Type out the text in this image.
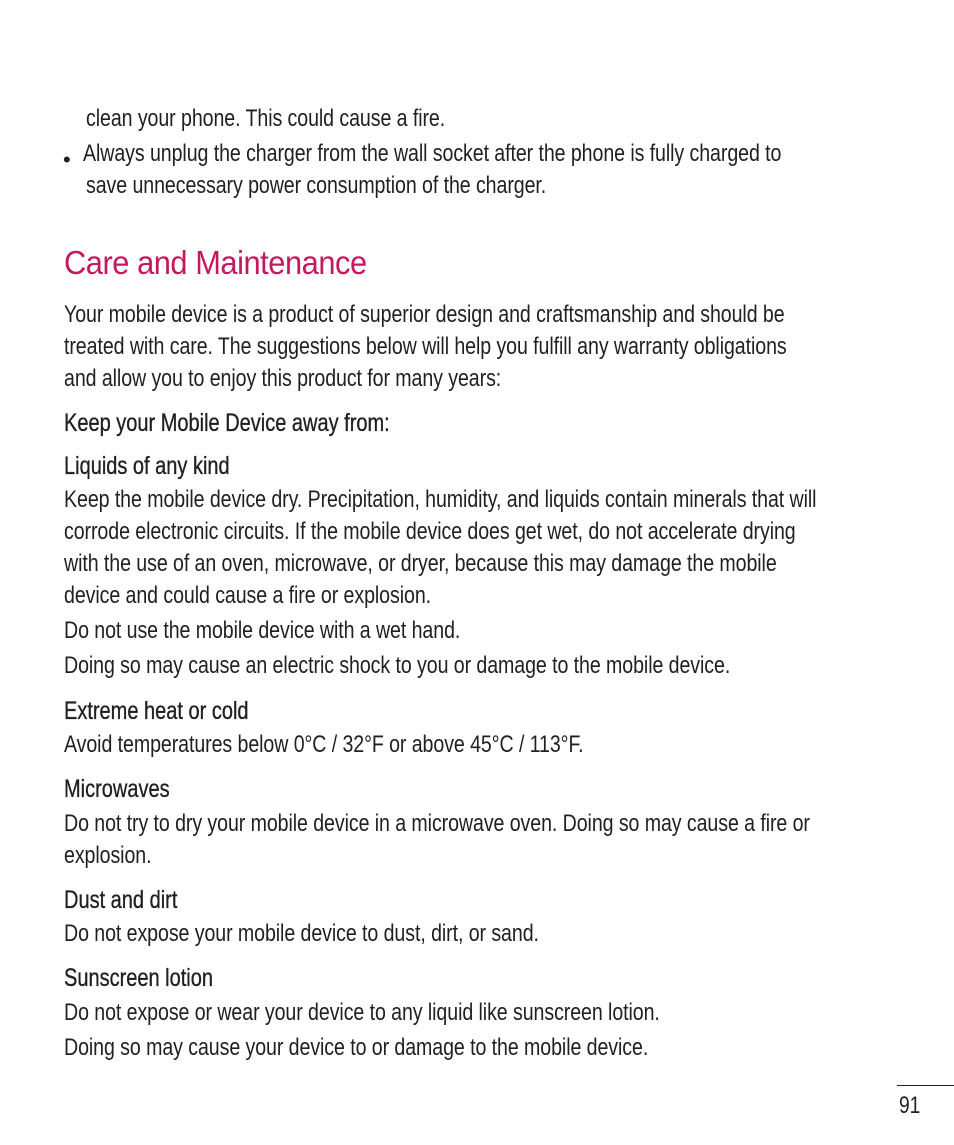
clean your phone. This could cause a fire.
• Always unplug the charger from the wall socket after the phone is fully charged to
save unnecessary power consumption of the charger.
Care and Maintenance
Your mobile device is a product of superior design and craftsmanship and should be
treated with care. The suggestions below will help you fulfill any warranty obligations
and allow you to enjoy this product for many years:
Keep your Mobile Device away from:
Liquids of any kind
Keep the mobile device dry. Precipitation, humidity, and liquids contain minerals that will
corrode electronic circuits. If the mobile device does get wet, do not accelerate drying
with the use of an oven, microwave, or dryer, because this may damage the mobile
device and could cause a fire or explosion.
Do not use the mobile device with a wet hand.
Doing so may cause an electric shock to you or damage to the mobile device.
Extreme heat or cold
Avoid temperatures below 0°C / 32°F or above 45°C / 113°F.
Microwaves
Do not try to dry your mobile device in a microwave oven. Doing so may cause a fire or
explosion.
Dust and dirt
Do not expose your mobile device to dust, dirt, or sand.
Sunscreen lotion
Do not expose or wear your device to any liquid like sunscreen lotion.
Doing so may cause your device to or damage to the mobile device.
91
